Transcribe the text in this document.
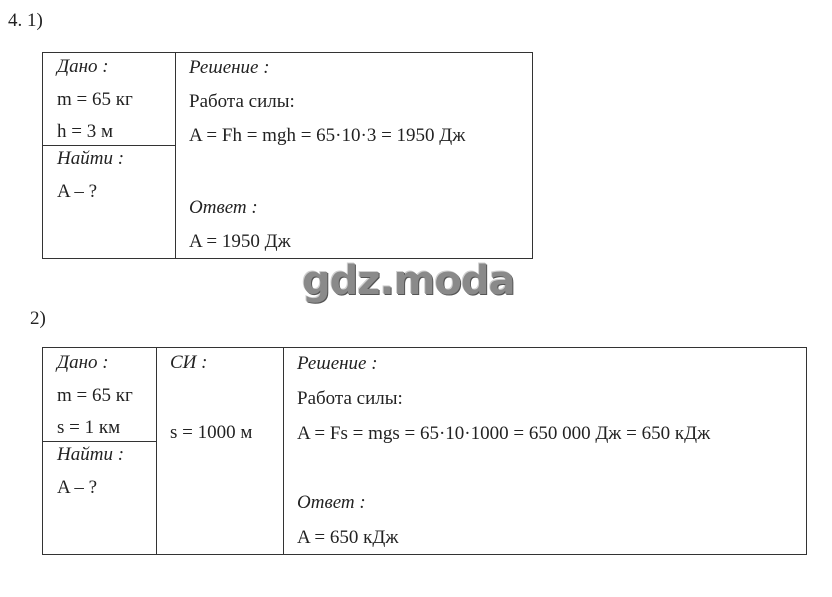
4. 1)
Дано :
m = 65 кг
h = 3 м
Найти :
A – ?
Решение :
Работа силы:
A = Fh = mgh = 65·10·3 = 1950 Дж
Ответ :
A = 1950 Дж
gdz.moda
2)
Дано :
m = 65 кг
s = 1 км
Найти :
A – ?
СИ :
s = 1000 м
Решение :
Работа силы:
A = Fs = mgs = 65·10·1000 = 650 000 Дж = 650 кДж
Ответ :
A = 650 кДж
